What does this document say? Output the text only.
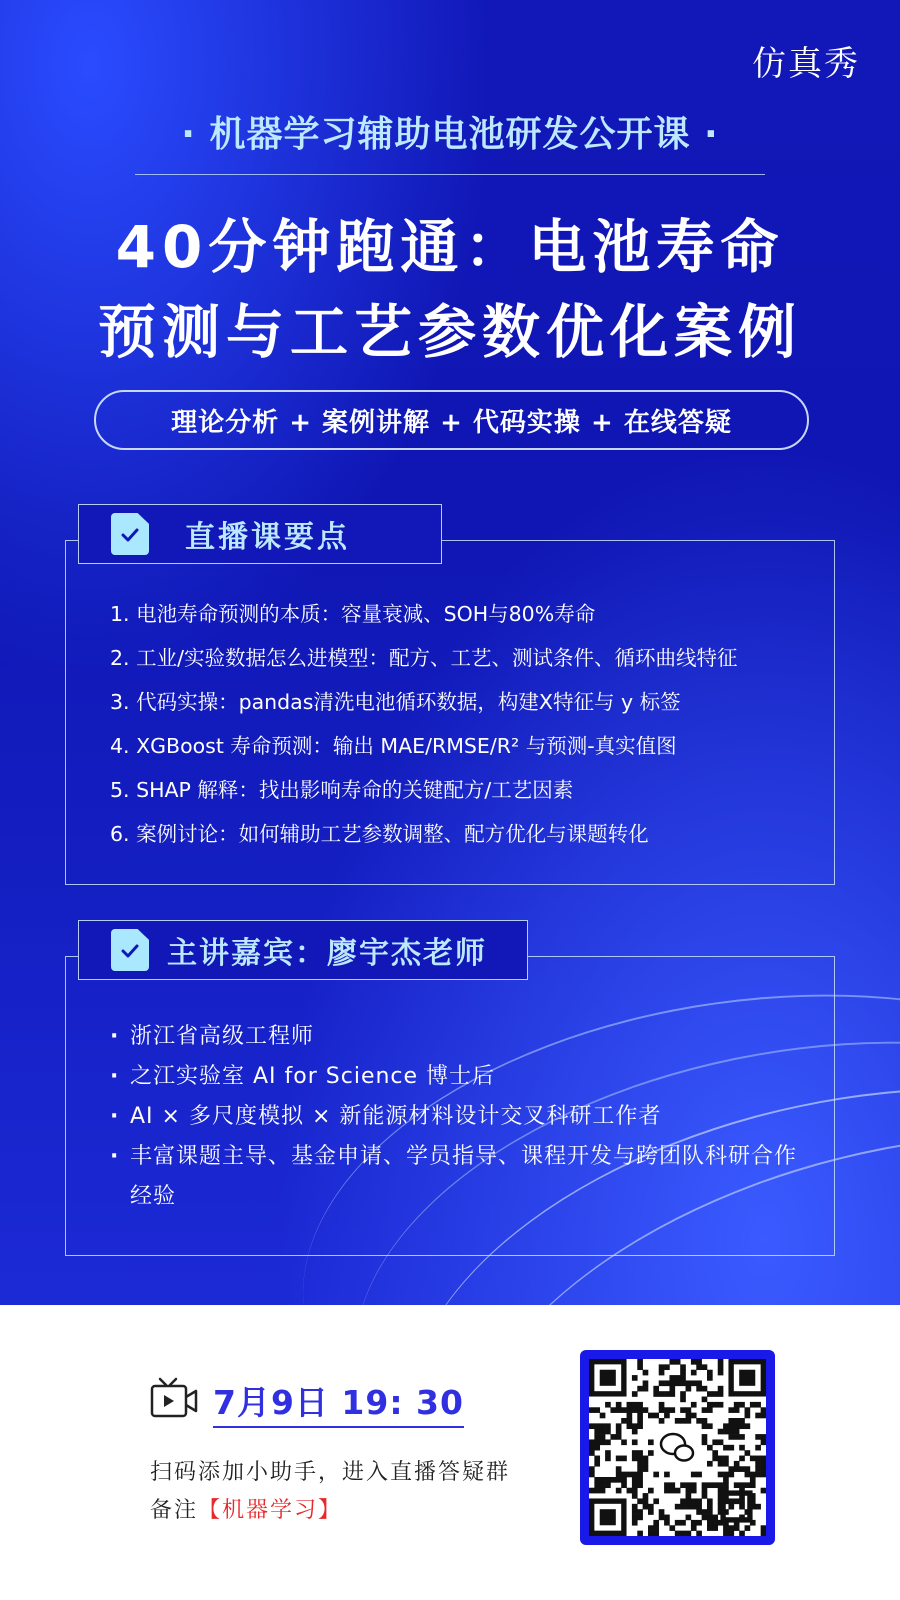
仿真秀
· 机器学习辅助电池研发公开课 ·
40分钟跑通：电池寿命
预测与工艺参数优化案例
理论分析 + 案例讲解 + 代码实操 + 在线答疑
直播课要点
1. 电池寿命预测的本质：容量衰减、SOH与80%寿命
2. 工业/实验数据怎么进模型：配方、工艺、测试条件、循环曲线特征
3. 代码实操：pandas清洗电池循环数据，构建X特征与 y 标签
4. XGBoost 寿命预测：输出 MAE/RMSE/R² 与预测-真实值图
5. SHAP 解释：找出影响寿命的关键配方/工艺因素
6. 案例讨论：如何辅助工艺参数调整、配方优化与课题转化
主讲嘉宾：廖宇杰老师
· 浙江省高级工程师
· 之江实验室 AI for Science 博士后
· AI × 多尺度模拟 × 新能源材料设计交叉科研工作者
· 丰富课题主导、基金申请、学员指导、课程开发与跨团队科研合作经验
7月9日 19: 30
扫码添加小助手，进入直播答疑群
备注【机器学习】
